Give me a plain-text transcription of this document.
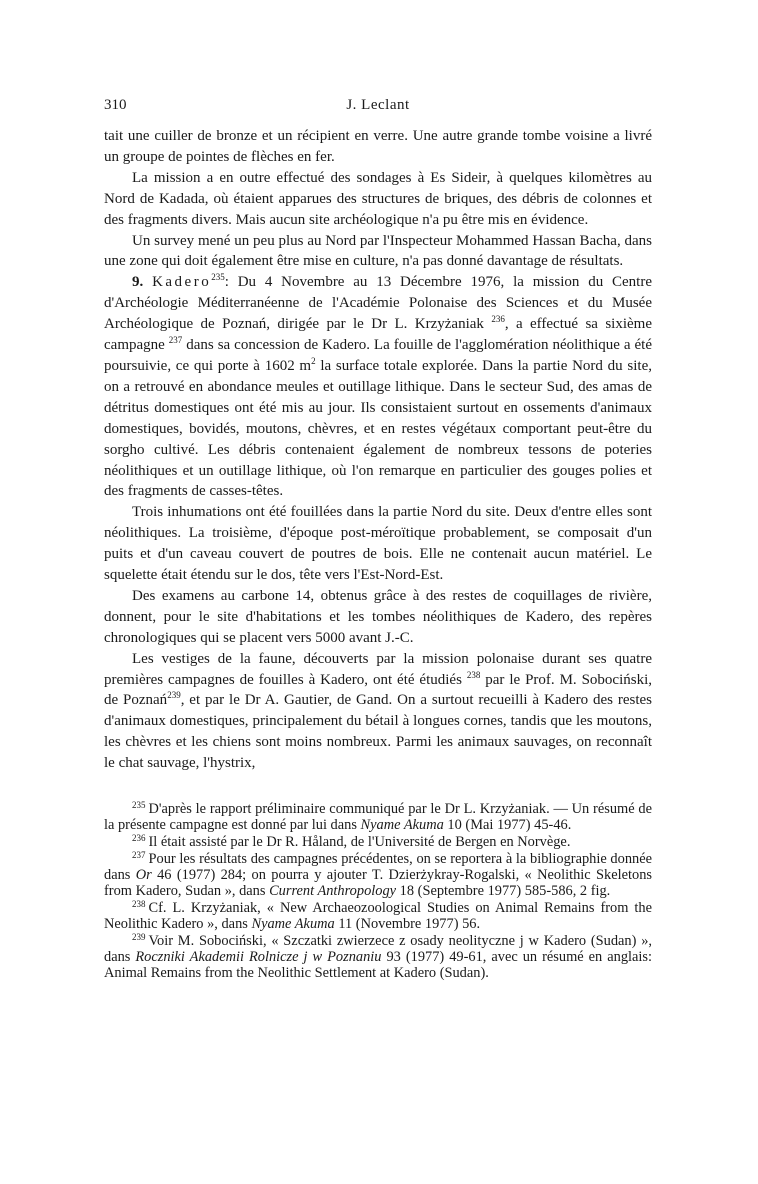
310	J. Leclant

tait une cuiller de bronze et un récipient en verre. Une autre grande tombe voisine a livré un groupe de pointes de flèches en fer.

La mission a en outre effectué des sondages à Es Sideir, à quelques kilomètres au Nord de Kadada, où étaient apparues des structures de briques, des débris de colonnes et des fragments divers. Mais aucun site archéologique n'a pu être mis en évidence.

Un survey mené un peu plus au Nord par l'Inspecteur Mohammed Hassan Bacha, dans une zone qui doit également être mise en culture, n'a pas donné davantage de résultats.

9. Kadero$^{235}$: Du 4 Novembre au 13 Décembre 1976, la mission du Centre d'Archéologie Méditerranéenne de l'Académie Polonaise des Sciences et du Musée Archéologique de Poznań, dirigée par le Dr L. Krzyżaniak $^{236}$, a effectué sa sixième campagne $^{237}$ dans sa concession de Kadero. La fouille de l'agglomération néolithique a été poursuivie, ce qui porte à 1602 $m^2$ la surface totale explorée. Dans la partie Nord du site, on a retrouvé en abondance meules et outillage lithique. Dans le secteur Sud, des amas de détritus domestiques ont été mis au jour. Ils consistaient surtout en ossements d'animaux domestiques, bovidés, moutons, chèvres, et en restes végétaux comportant peut-être du sorgho cultivé. Les débris contenaient également de nombreux tessons de poteries néolithiques et un outillage lithique, où l'on remarque en particulier des gouges polies et des fragments de casses-têtes.

Trois inhumations ont été fouillées dans la partie Nord du site. Deux d'entre elles sont néolithiques. La troisième, d'époque post-méroïtique probablement, se composait d'un puits et d'un caveau couvert de poutres de bois. Elle ne contenait aucun matériel. Le squelette était étendu sur le dos, tête vers l'Est-Nord-Est.

Des examens au carbone 14, obtenus grâce à des restes de coquillages de rivière, donnent, pour le site d'habitations et les tombes néolithiques de Kadero, des repères chronologiques qui se placent vers 5000 avant J.-C.

Les vestiges de la faune, découverts par la mission polonaise durant ses quatre premières campagnes de fouilles à Kadero, ont été étudiés $^{238}$ par le Prof. M. Sobociński, de Poznań$^{239}$, et par le Dr A. Gautier, de Gand. On a surtout recueilli à Kadero des restes d'animaux domestiques, principalement du bétail à longues cornes, tandis que les moutons, les chèvres et les chiens sont moins nombreux. Parmi les animaux sauvages, on reconnaît le chat sauvage, l'hystrix,

$^{235}$ D'après le rapport préliminaire communiqué par le Dr L. Krzyżaniak. — Un résumé de la présente campagne est donné par lui dans Nyame Akuma 10 (Mai 1977) 45-46.

$^{236}$ Il était assisté par le Dr R. Håland, de l'Université de Bergen en Norvège.

$^{237}$ Pour les résultats des campagnes précédentes, on se reportera à la bibliographie donnée dans Or 46 (1977) 284; on pourra y ajouter T. Dzierżykray-Rogalski, « Neolithic Skeletons from Kadero, Sudan », dans Current Anthropology 18 (Septembre 1977) 585-586, 2 fig.

$^{238}$ Cf. L. Krzyżaniak, « New Archaeozoological Studies on Animal Remains from the Neolithic Kadero », dans Nyame Akuma 11 (Novembre 1977) 56.

$^{239}$ Voir M. Sobociński, « Szczatki zwierzece z osady neolityczne j w Kadero (Sudan) », dans Roczniki Akademii Rolnicze j w Poznaniu 93 (1977) 49-61, avec un résumé en anglais: Animal Remains from the Neolithic Settlement at Kadero (Sudan).
